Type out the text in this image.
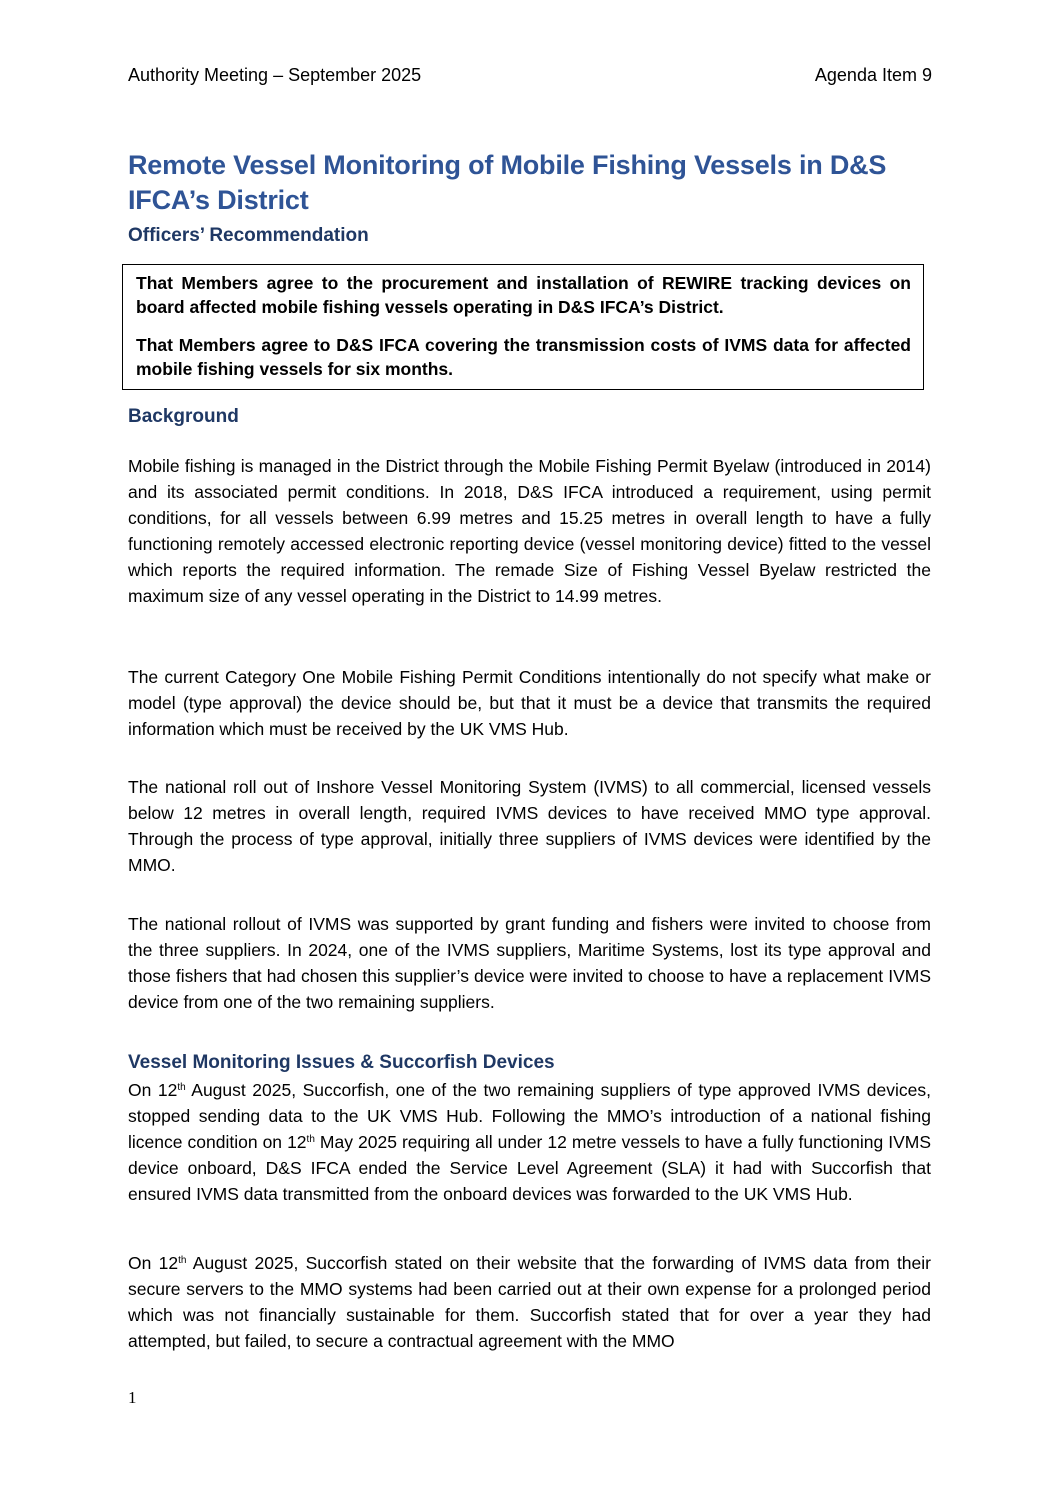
Authority Meeting – September 2025	Agenda Item 9
Remote Vessel Monitoring of Mobile Fishing Vessels in D&S IFCA’s District
Officers’ Recommendation

That Members agree to the procurement and installation of REWIRE tracking devices on board affected mobile fishing vessels operating in D&S IFCA’s District.

That Members agree to D&S IFCA covering the transmission costs of IVMS data for affected mobile fishing vessels for six months.

Background

Mobile fishing is managed in the District through the Mobile Fishing Permit Byelaw (introduced in 2014) and its associated permit conditions. In 2018, D&S IFCA introduced a requirement, using permit conditions, for all vessels between 6.99 metres and 15.25 metres in overall length to have a fully functioning remotely accessed electronic reporting device (vessel monitoring device) fitted to the vessel which reports the required information. The remade Size of Fishing Vessel Byelaw restricted the maximum size of any vessel operating in the District to 14.99 metres.

The current Category One Mobile Fishing Permit Conditions intentionally do not specify what make or model (type approval) the device should be, but that it must be a device that transmits the required information which must be received by the UK VMS Hub.

The national roll out of Inshore Vessel Monitoring System (IVMS) to all commercial, licensed vessels below 12 metres in overall length, required IVMS devices to have received MMO type approval. Through the process of type approval, initially three suppliers of IVMS devices were identified by the MMO.

The national rollout of IVMS was supported by grant funding and fishers were invited to choose from the three suppliers. In 2024, one of the IVMS suppliers, Maritime Systems, lost its type approval and those fishers that had chosen this supplier’s device were invited to choose to have a replacement IVMS device from one of the two remaining suppliers.

Vessel Monitoring Issues & Succorfish Devices

On 12th August 2025, Succorfish, one of the two remaining suppliers of type approved IVMS devices, stopped sending data to the UK VMS Hub. Following the MMO’s introduction of a national fishing licence condition on 12th May 2025 requiring all under 12 metre vessels to have a fully functioning IVMS device onboard, D&S IFCA ended the Service Level Agreement (SLA) it had with Succorfish that ensured IVMS data transmitted from the onboard devices was forwarded to the UK VMS Hub.

On 12th August 2025, Succorfish stated on their website that the forwarding of IVMS data from their secure servers to the MMO systems had been carried out at their own expense for a prolonged period which was not financially sustainable for them. Succorfish stated that for over a year they had attempted, but failed, to secure a contractual agreement with the MMO

1
